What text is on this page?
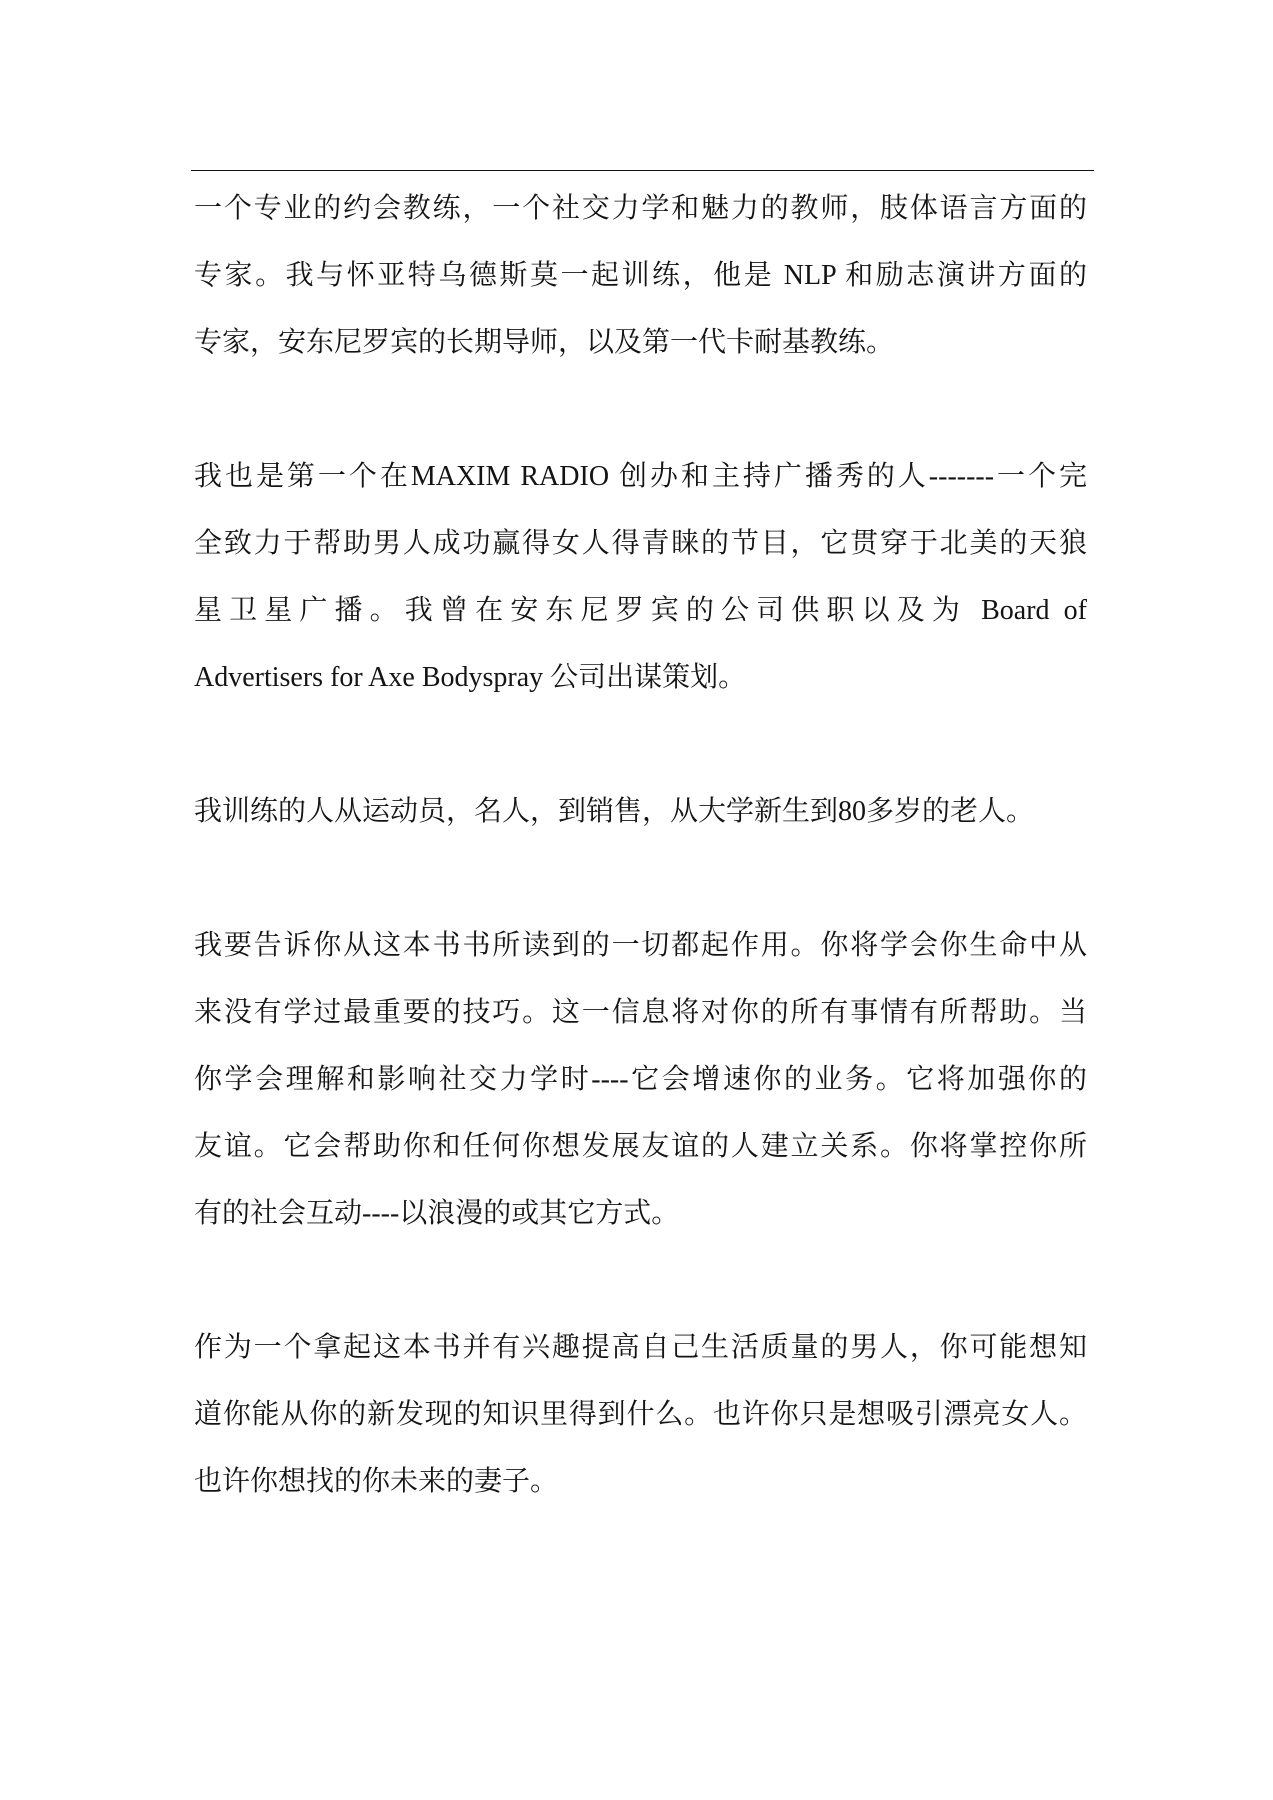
一个专业的约会教练，一个社交力学和魅力的教师，肢体语言方面的
专家。我与怀亚特乌德斯莫一起训练，他是 NLP 和励志演讲方面的
专家，安东尼罗宾的长期导师，以及第一代卡耐基教练。
我也是第一个在MAXIM RADIO 创办和主持广播秀的人-------一个完
全致力于帮助男人成功赢得女人得青睐的节目，它贯穿于北美的天狼
星卫星广播。我曾在安东尼罗宾的公司供职以及为 Board of
Advertisers for Axe Bodyspray 公司出谋策划。
我训练的人从运动员，名人，到销售，从大学新生到80多岁的老人。
我要告诉你从这本书书所读到的一切都起作用。你将学会你生命中从
来没有学过最重要的技巧。这一信息将对你的所有事情有所帮助。当
你学会理解和影响社交力学时----它会增速你的业务。它将加强你的
友谊。它会帮助你和任何你想发展友谊的人建立关系。你将掌控你所
有的社会互动----以浪漫的或其它方式。
作为一个拿起这本书并有兴趣提高自己生活质量的男人，你可能想知
道你能从你的新发现的知识里得到什么。也许你只是想吸引漂亮女人。
也许你想找的你未来的妻子。
